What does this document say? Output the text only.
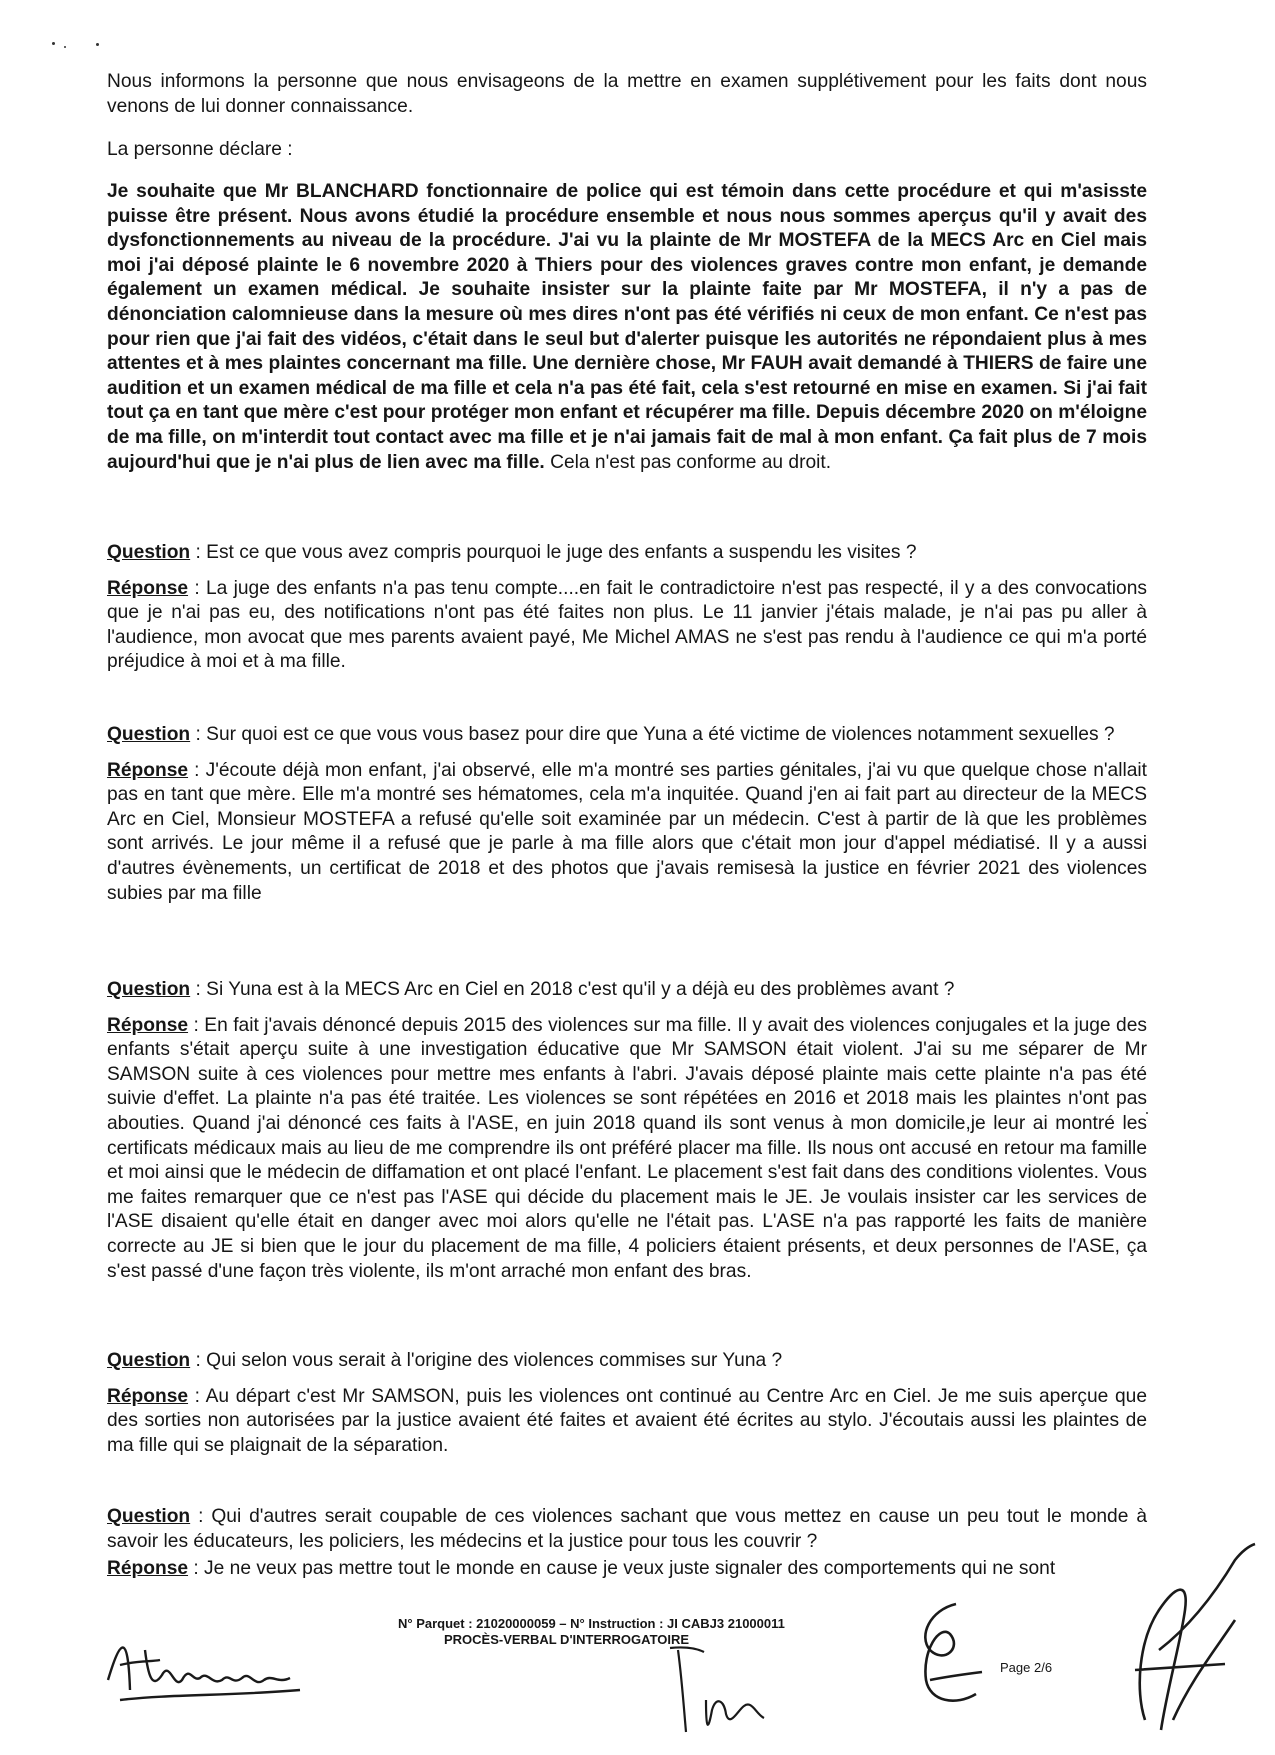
Nous informons la personne que nous envisageons de la mettre en examen supplétivement pour les faits dont nous venons de lui donner connaissance.

La personne déclare :

Je souhaite que Mr BLANCHARD fonctionnaire de police qui est témoin dans cette procédure et qui m'asisste puisse être présent. Nous avons étudié la procédure ensemble et nous nous sommes aperçus qu'il y avait des dysfonctionnements au niveau de la procédure. J'ai vu la plainte de Mr MOSTEFA de la MECS Arc en Ciel mais moi j'ai déposé plainte le 6 novembre 2020 à Thiers pour des violences graves contre mon enfant, je demande également un examen médical. Je souhaite insister sur la plainte faite par Mr MOSTEFA, il n'y a pas de dénonciation calomnieuse dans la mesure où mes dires n'ont pas été vérifiés ni ceux de mon enfant. Ce n'est pas pour rien que j'ai fait des vidéos, c'était dans le seul but d'alerter puisque les autorités ne répondaient plus à mes attentes et à mes plaintes concernant ma fille. Une dernière chose, Mr FAUH avait demandé à THIERS de faire une audition et un examen médical de ma fille et cela n'a pas été fait, cela s'est retourné en mise en examen. Si j'ai fait tout ça en tant que mère c'est pour protéger mon enfant et récupérer ma fille. Depuis décembre 2020 on m'éloigne de ma fille, on m'interdit tout contact avec ma fille et je n'ai jamais fait de mal à mon enfant. Ça fait plus de 7 mois aujourd'hui que je n'ai plus de lien avec ma fille. Cela n'est pas conforme au droit.

Question : Est ce que vous avez compris pourquoi le juge des enfants a suspendu les visites ?

Réponse : La juge des enfants n'a pas tenu compte....en fait le contradictoire n'est pas respecté, il y a des convocations que je n'ai pas eu, des notifications n'ont pas été faites non plus. Le 11 janvier j'étais malade, je n'ai pas pu aller à l'audience, mon avocat que mes parents avaient payé, Me Michel AMAS ne s'est pas rendu à l'audience ce qui m'a porté préjudice à moi et à ma fille.

Question : Sur quoi est ce que vous vous basez pour dire que Yuna a été victime de violences notamment sexuelles ?

Réponse : J'écoute déjà mon enfant, j'ai observé, elle m'a montré ses parties génitales, j'ai vu que quelque chose n'allait pas en tant que mère. Elle m'a montré ses hématomes, cela m'a inquitée. Quand j'en ai fait part au directeur de la MECS Arc en Ciel, Monsieur MOSTEFA a refusé qu'elle soit examinée par un médecin. C'est à partir de là que les problèmes sont arrivés. Le jour même il a refusé que je parle à ma fille alors que c'était mon jour d'appel médiatisé. Il y a aussi d'autres évènements, un certificat de 2018 et des photos que j'avais remisesà la justice en février 2021 des violences subies par ma fille

Question : Si Yuna est à la MECS Arc en Ciel en 2018 c'est qu'il y a déjà eu des problèmes avant ?

Réponse : En fait j'avais dénoncé depuis 2015 des violences sur ma fille. Il y avait des violences conjugales et la juge des enfants s'était aperçu suite à une investigation éducative que Mr SAMSON était violent. J'ai su me séparer de Mr SAMSON suite à ces violences pour mettre mes enfants à l'abri. J'avais déposé plainte mais cette plainte n'a pas été suivie d'effet. La plainte n'a pas été traitée. Les violences se sont répétées en 2016 et 2018 mais les plaintes n'ont pas abouties. Quand j'ai dénoncé ces faits à l'ASE, en juin 2018 quand ils sont venus à mon domicile,je leur ai montré les certificats médicaux mais au lieu de me comprendre ils ont préféré placer ma fille. Ils nous ont accusé en retour ma famille et moi ainsi que le médecin de diffamation et ont placé l'enfant. Le placement s'est fait dans des conditions violentes. Vous me faites remarquer que ce n'est pas l'ASE qui décide du placement mais le JE. Je voulais insister car les services de l'ASE disaient qu'elle était en danger avec moi alors qu'elle ne l'était pas. L'ASE n'a pas rapporté les faits de manière correcte au JE si bien que le jour du placement de ma fille, 4 policiers étaient présents, et deux personnes de l'ASE, ça s'est passé d'une façon très violente, ils m'ont arraché mon enfant des bras.

Question : Qui selon vous serait à l'origine des violences commises sur Yuna ?

Réponse : Au départ c'est Mr SAMSON, puis les violences ont continué au Centre Arc en Ciel. Je me suis aperçue que des sorties non autorisées par la justice avaient été faites et avaient été écrites au stylo. J'écoutais aussi les plaintes de ma fille qui se plaignait de la séparation.

Question : Qui d'autres serait coupable de ces violences sachant que vous mettez en cause un peu tout le monde à savoir les éducateurs, les policiers, les médecins et la justice pour tous les couvrir ?

Réponse : Je ne veux pas mettre tout le monde en cause je veux juste signaler des comportements qui ne sont

N° Parquet : 21020000059 – N° Instruction : JI CABJ3 21000011
PROCÈS-VERBAL D'INTERROGATOIRE
Page 2/6
